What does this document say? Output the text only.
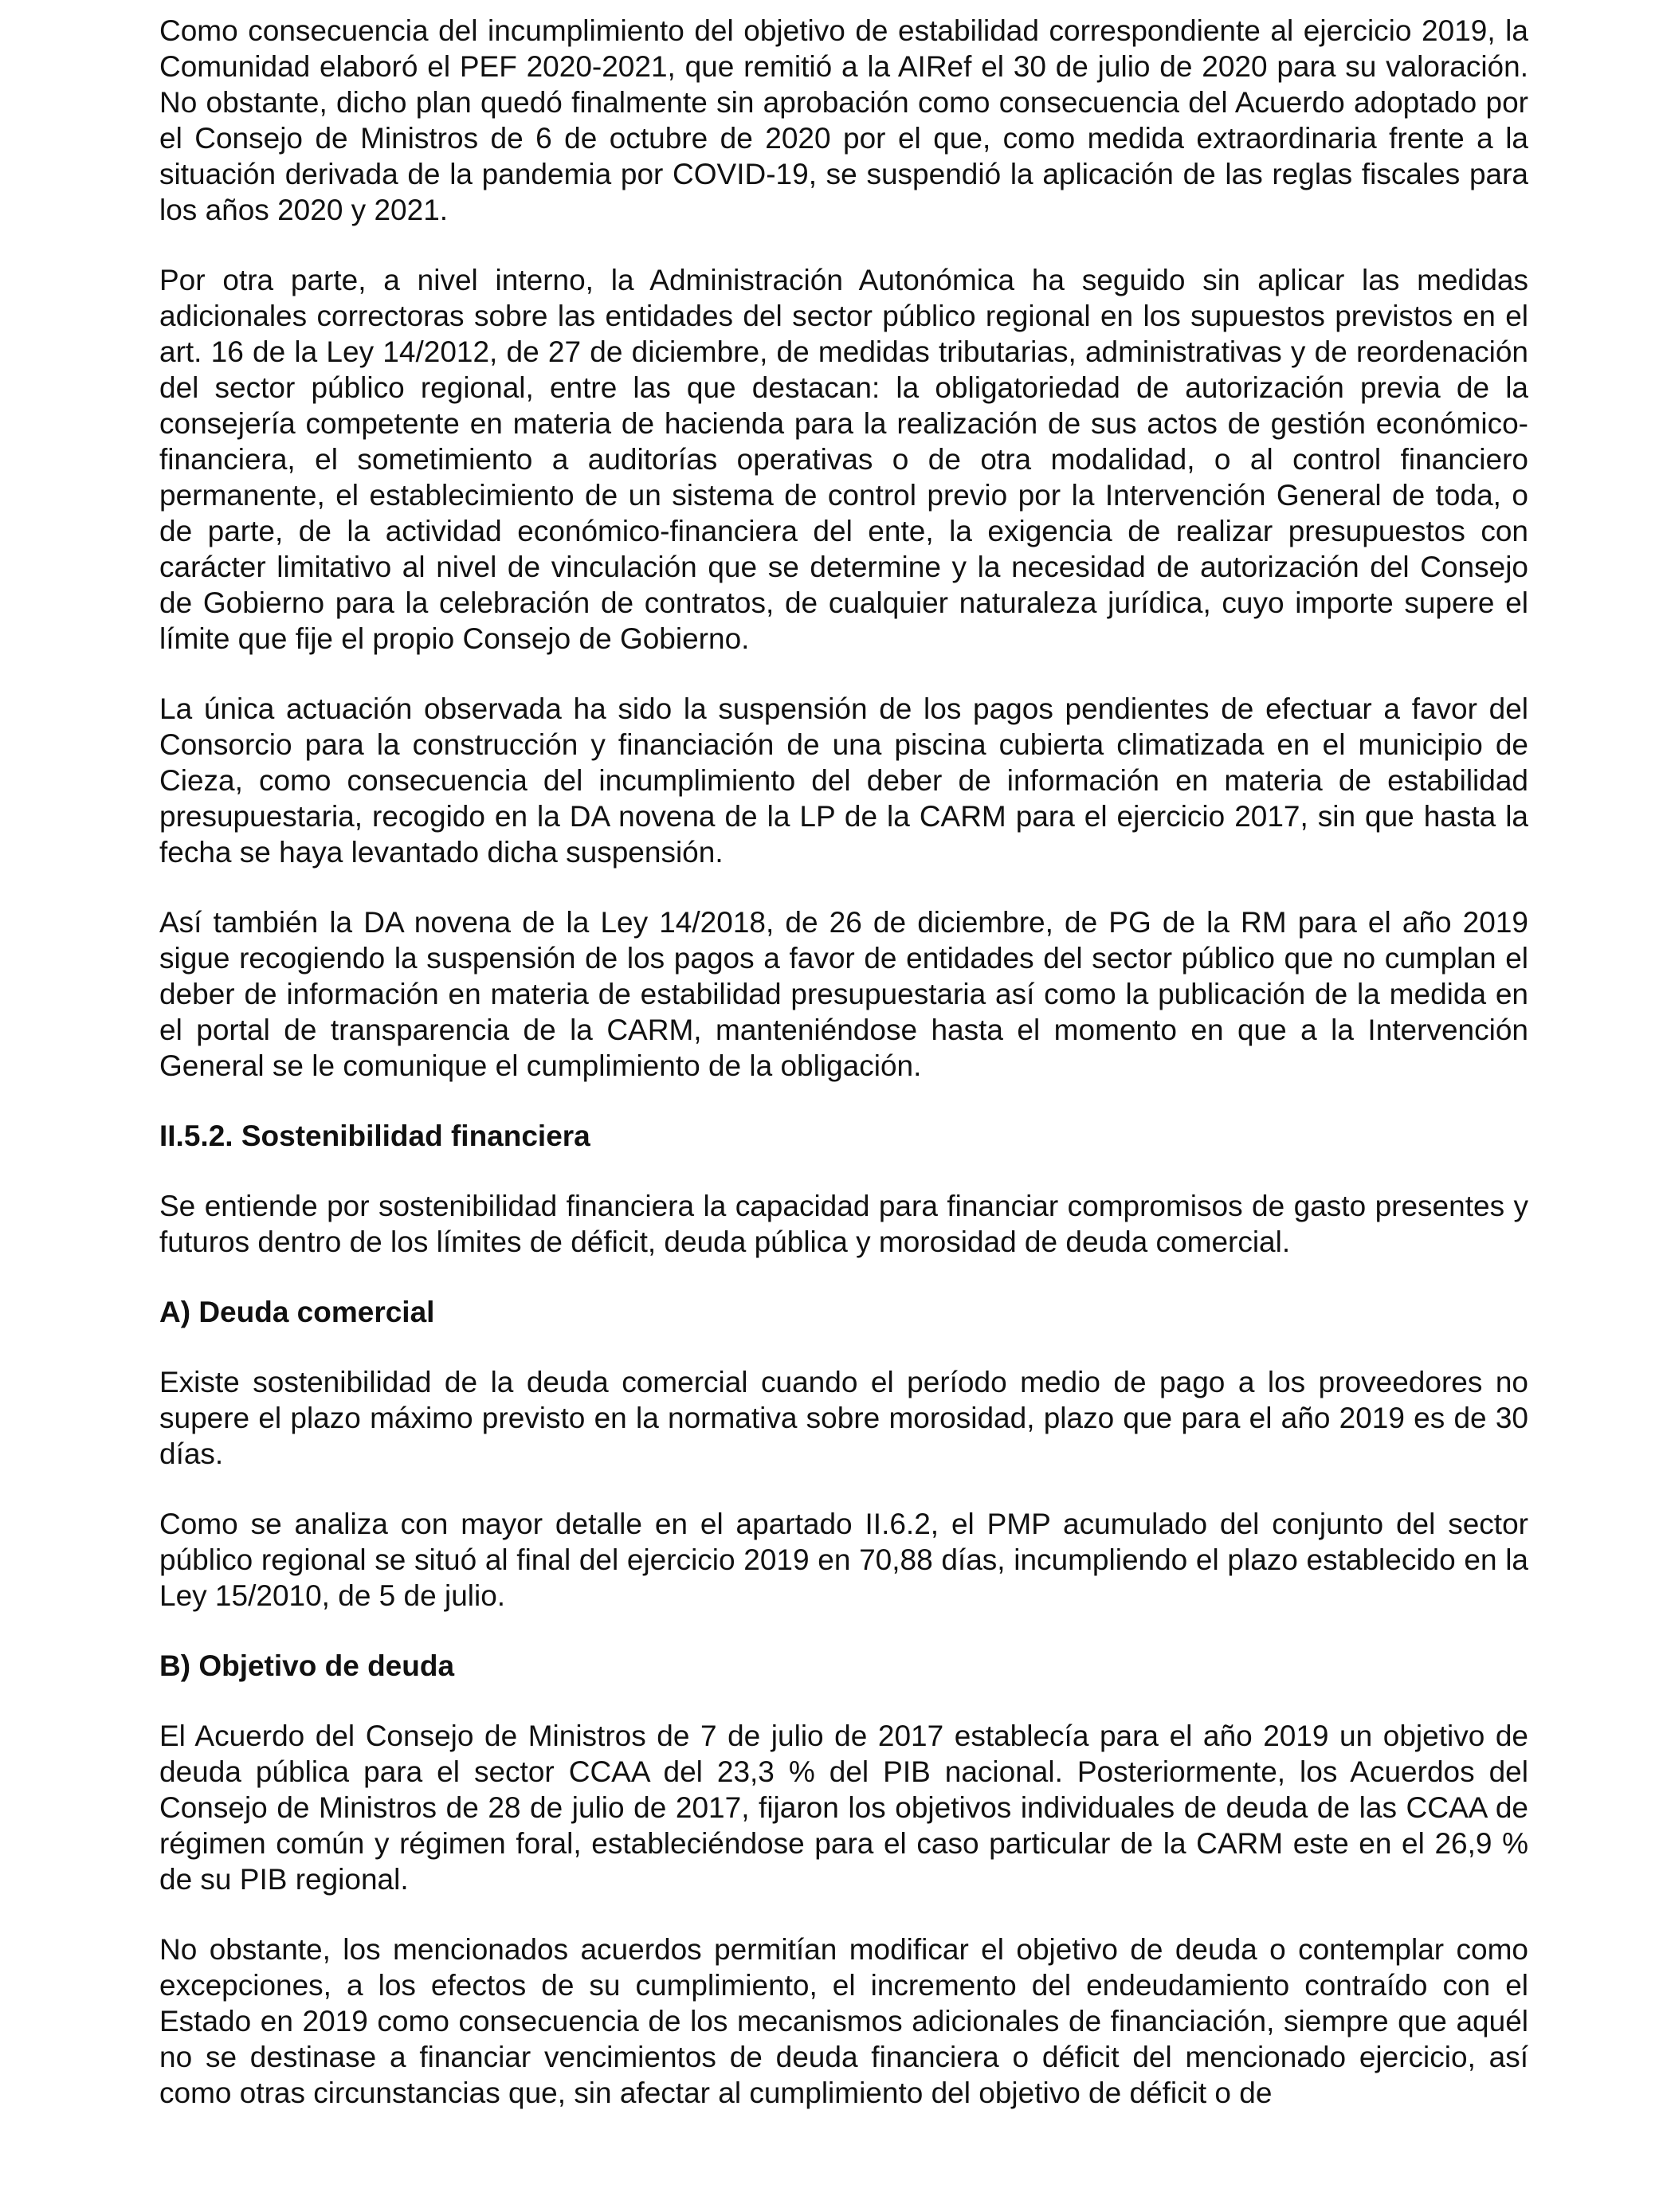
Como consecuencia del incumplimiento del objetivo de estabilidad correspondiente al ejercicio 2019, la Comunidad elaboró el PEF 2020-2021, que remitió a la AIRef el 30 de julio de 2020 para su valoración. No obstante, dicho plan quedó finalmente sin aprobación como consecuencia del Acuerdo adoptado por el Consejo de Ministros de 6 de octubre de 2020 por el que, como medida extraordinaria frente a la situación derivada de la pandemia por COVID-19, se suspendió la aplicación de las reglas fiscales para los años 2020 y 2021.

Por otra parte, a nivel interno, la Administración Autonómica ha seguido sin aplicar las medidas adicionales correctoras sobre las entidades del sector público regional en los supuestos previstos en el art. 16 de la Ley 14/2012, de 27 de diciembre, de medidas tributarias, administrativas y de reordenación del sector público regional, entre las que destacan: la obligatoriedad de autorización previa de la consejería competente en materia de hacienda para la realización de sus actos de gestión económico-financiera, el sometimiento a auditorías operativas o de otra modalidad, o al control financiero permanente, el establecimiento de un sistema de control previo por la Intervención General de toda, o de parte, de la actividad económico-financiera del ente, la exigencia de realizar presupuestos con carácter limitativo al nivel de vinculación que se determine y la necesidad de autorización del Consejo de Gobierno para la celebración de contratos, de cualquier naturaleza jurídica, cuyo importe supere el límite que fije el propio Consejo de Gobierno.

La única actuación observada ha sido la suspensión de los pagos pendientes de efectuar a favor del Consorcio para la construcción y financiación de una piscina cubierta climatizada en el municipio de Cieza, como consecuencia del incumplimiento del deber de información en materia de estabilidad presupuestaria, recogido en la DA novena de la LP de la CARM para el ejercicio 2017, sin que hasta la fecha se haya levantado dicha suspensión.

Así también la DA novena de la Ley 14/2018, de 26 de diciembre, de PG de la RM para el año 2019 sigue recogiendo la suspensión de los pagos a favor de entidades del sector público que no cumplan el deber de información en materia de estabilidad presupuestaria así como la publicación de la medida en el portal de transparencia de la CARM, manteniéndose hasta el momento en que a la Intervención General se le comunique el cumplimiento de la obligación.

II.5.2. Sostenibilidad financiera

Se entiende por sostenibilidad financiera la capacidad para financiar compromisos de gasto presentes y futuros dentro de los límites de déficit, deuda pública y morosidad de deuda comercial.

A) Deuda comercial

Existe sostenibilidad de la deuda comercial cuando el período medio de pago a los proveedores no supere el plazo máximo previsto en la normativa sobre morosidad, plazo que para el año 2019 es de 30 días.

Como se analiza con mayor detalle en el apartado II.6.2, el PMP acumulado del conjunto del sector público regional se situó al final del ejercicio 2019 en 70,88 días, incumpliendo el plazo establecido en la Ley 15/2010, de 5 de julio.

B) Objetivo de deuda

El Acuerdo del Consejo de Ministros de 7 de julio de 2017 establecía para el año 2019 un objetivo de deuda pública para el sector CCAA del 23,3 % del PIB nacional. Posteriormente, los Acuerdos del Consejo de Ministros de 28 de julio de 2017, fijaron los objetivos individuales de deuda de las CCAA de régimen común y régimen foral, estableciéndose para el caso particular de la CARM este en el 26,9 % de su PIB regional.

No obstante, los mencionados acuerdos permitían modificar el objetivo de deuda o contemplar como excepciones, a los efectos de su cumplimiento, el incremento del endeudamiento contraído con el Estado en 2019 como consecuencia de los mecanismos adicionales de financiación, siempre que aquél no se destinase a financiar vencimientos de deuda financiera o déficit del mencionado ejercicio, así como otras circunstancias que, sin afectar al cumplimiento del objetivo de déficit o de
